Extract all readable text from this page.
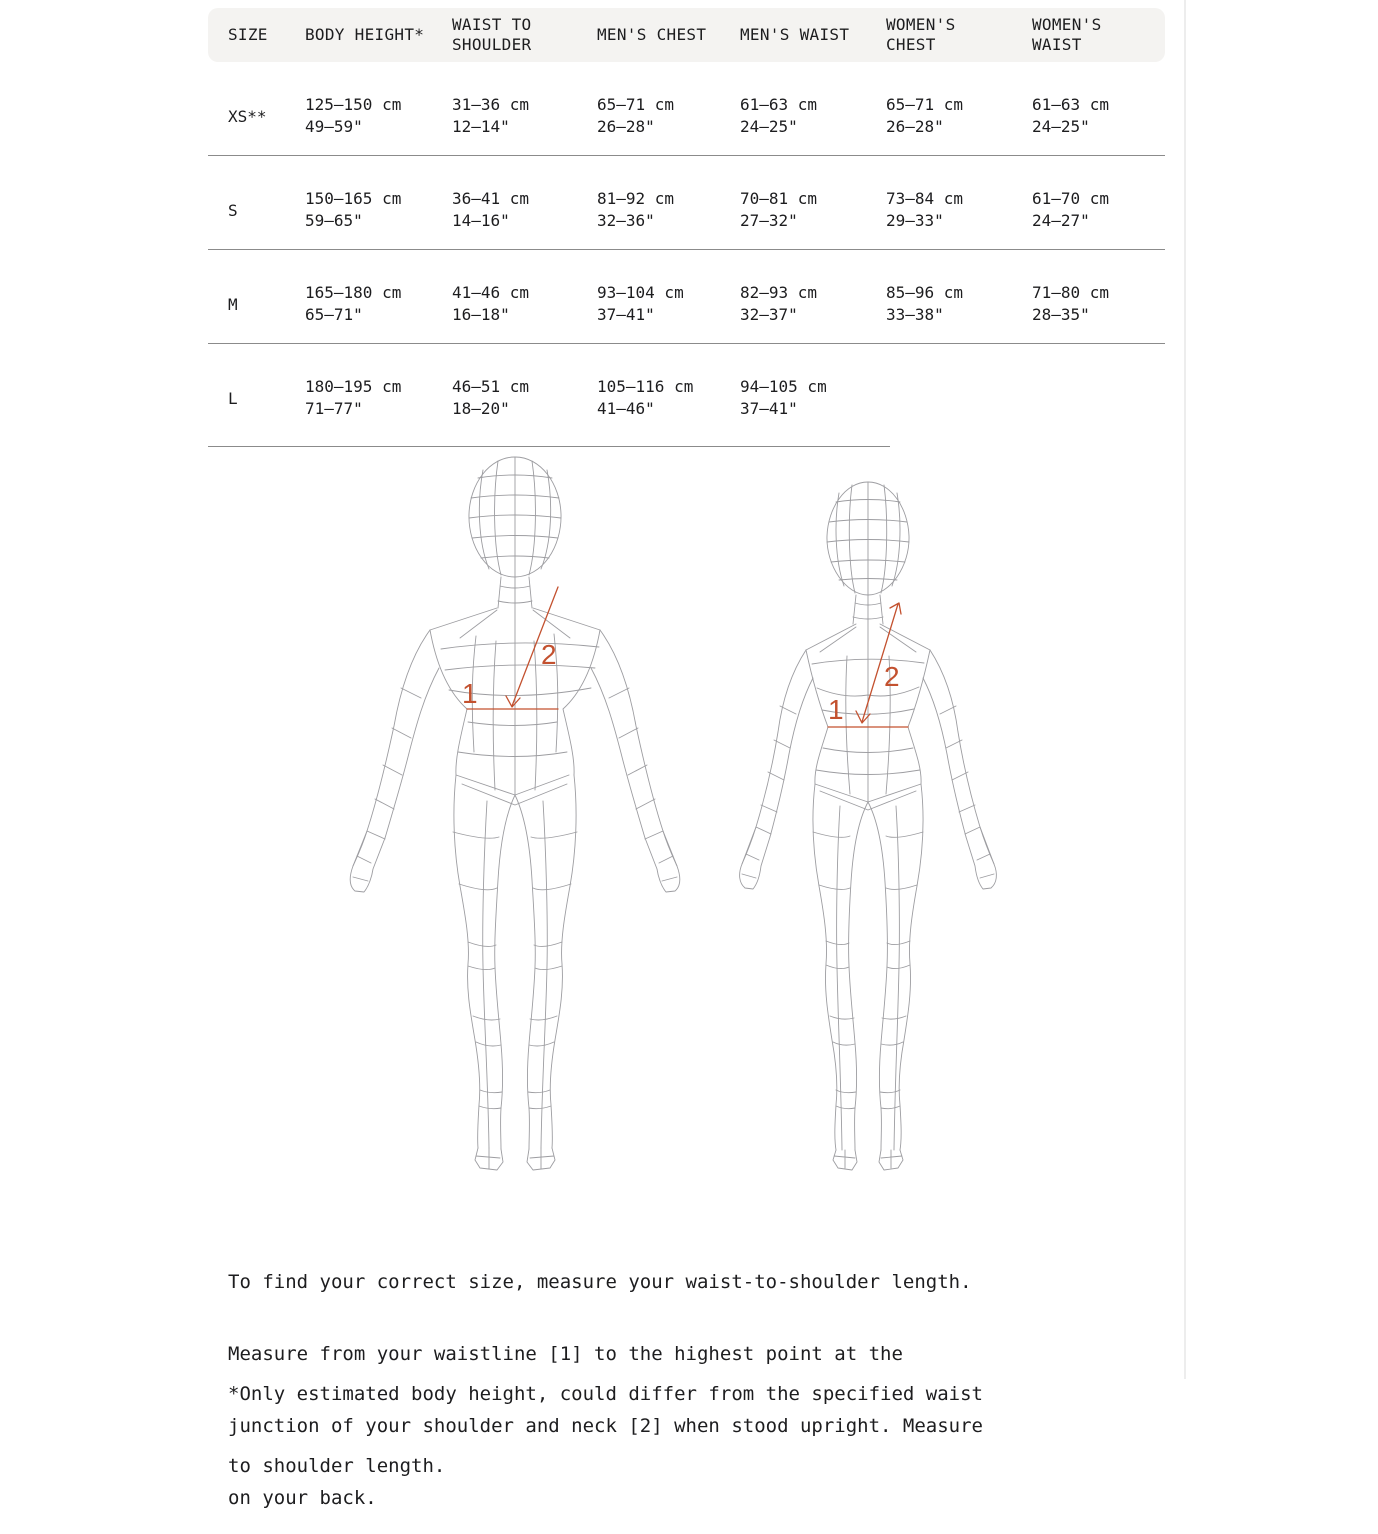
SIZE	BODY HEIGHT*
WAIST TO SHOULDER
MEN'S CHEST	MEN'S WAIST
WOMEN'S CHEST
WOMEN'S WAIST
XS**
125–150 cm
49–59"
31–36 cm
12–14"
65–71 cm
26–28"
61–63 cm
24–25"
65–71 cm
26–28"
61–63 cm
24–25"
S
150–165 cm
59–65"
36–41 cm
14–16"
81–92 cm
32–36"
70–81 cm
27–32"
73–84 cm
29–33"
61–70 cm
24–27"
M
165–180 cm
65–71"
41–46 cm
16–18"
93–104 cm
37–41"
82–93 cm
32–37"
85–96 cm
33–38"
71–80 cm
28–35"
L
180–195 cm
71–77"
46–51 cm
18–20"
105–116 cm
41–46"
94–105 cm
37–41"
1
2
1
2

To find your correct size, measure your waist-to-shoulder length.

Measure from your waistline [1] to the highest point at the

junction of your shoulder and neck [2] when stood upright. Measure

on your back.

*Only estimated body height, could differ from the specified waist

to shoulder length.
